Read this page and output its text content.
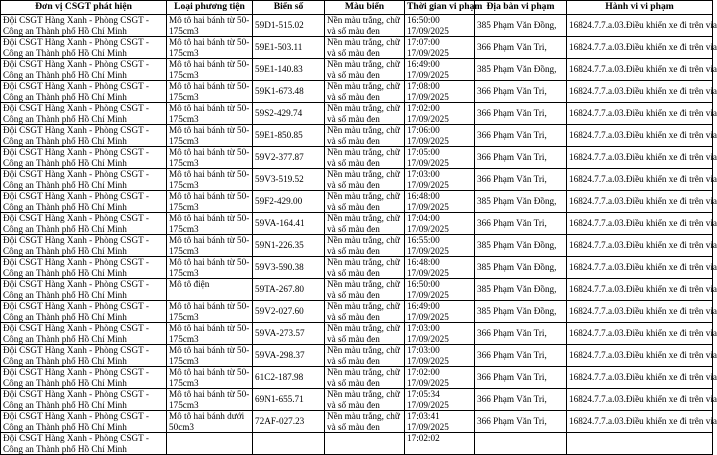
Đơn vị CSGT phát hiện	Loại phương tiện	Biển số	Màu biển	Thời gian vi phạm	Địa bàn vi phạm	Hành vi vi phạm
Đội CSGT Hàng Xanh - Phòng CSGT - Công an Thành phố Hồ Chí Minh	Mô tô hai bánh từ 50-175cm3	59D1-515.02	Nền màu trắng, chữ và số màu đen	16:50:00 17/09/2025	385 Phạm Văn Đồng,	16824.7.7.a.03.Điều khiển xe đi trên vỉa
Đội CSGT Hàng Xanh - Phòng CSGT - Công an Thành phố Hồ Chí Minh	Mô tô hai bánh từ 50-175cm3	59E1-503.11	Nền màu trắng, chữ và số màu đen	17:07:00 17/09/2025	366 Phạm Văn Tri,	16824.7.7.a.03.Điều khiển xe đi trên vỉa
Đội CSGT Hàng Xanh - Phòng CSGT - Công an Thành phố Hồ Chí Minh	Mô tô hai bánh từ 50-175cm3	59E1-140.83	Nền màu trắng, chữ và số màu đen	16:49:00 17/09/2025	385 Phạm Văn Đồng,	16824.7.7.a.03.Điều khiển xe đi trên vỉa
Đội CSGT Hàng Xanh - Phòng CSGT - Công an Thành phố Hồ Chí Minh	Mô tô hai bánh từ 50-175cm3	59K1-673.48	Nền màu trắng, chữ và số màu đen	17:08:00 17/09/2025	366 Phạm Văn Tri,	16824.7.7.a.03.Điều khiển xe đi trên vỉa
Đội CSGT Hàng Xanh - Phòng CSGT - Công an Thành phố Hồ Chí Minh	Mô tô hai bánh từ 50-175cm3	59S2-429.74	Nền màu trắng, chữ và số màu đen	17:02:00 17/09/2025	366 Phạm Văn Tri,	16824.7.7.a.03.Điều khiển xe đi trên vỉa
Đội CSGT Hàng Xanh - Phòng CSGT - Công an Thành phố Hồ Chí Minh	Mô tô hai bánh từ 50-175cm3	59E1-850.85	Nền màu trắng, chữ và số màu đen	17:06:00 17/09/2025	366 Phạm Văn Tri,	16824.7.7.a.03.Điều khiển xe đi trên vỉa
Đội CSGT Hàng Xanh - Phòng CSGT - Công an Thành phố Hồ Chí Minh	Mô tô hai bánh từ 50-175cm3	59V2-377.87	Nền màu trắng, chữ và số màu đen	17:05:00 17/09/2025	366 Phạm Văn Tri,	16824.7.7.a.03.Điều khiển xe đi trên vỉa
Đội CSGT Hàng Xanh - Phòng CSGT - Công an Thành phố Hồ Chí Minh	Mô tô hai bánh từ 50-175cm3	59V3-519.52	Nền màu trắng, chữ và số màu đen	17:03:00 17/09/2025	366 Phạm Văn Tri,	16824.7.7.a.03.Điều khiển xe đi trên vỉa
Đội CSGT Hàng Xanh - Phòng CSGT - Công an Thành phố Hồ Chí Minh	Mô tô hai bánh từ 50-175cm3	59F2-429.00	Nền màu trắng, chữ và số màu đen	16:48:00 17/09/2025	385 Phạm Văn Đồng,	16824.7.7.a.03.Điều khiển xe đi trên vỉa
Đội CSGT Hàng Xanh - Phòng CSGT - Công an Thành phố Hồ Chí Minh	Mô tô hai bánh từ 50-175cm3	59VA-164.41	Nền màu trắng, chữ và số màu đen	17:04:00 17/09/2025	366 Phạm Văn Tri,	16824.7.7.a.03.Điều khiển xe đi trên vỉa
Đội CSGT Hàng Xanh - Phòng CSGT - Công an Thành phố Hồ Chí Minh	Mô tô hai bánh từ 50-175cm3	59N1-226.35	Nền màu trắng, chữ và số màu đen	16:55:00 17/09/2025	385 Phạm Văn Đồng,	16824.7.7.a.03.Điều khiển xe đi trên vỉa
Đội CSGT Hàng Xanh - Phòng CSGT - Công an Thành phố Hồ Chí Minh	Mô tô hai bánh từ 50-175cm3	59V3-590.38	Nền màu trắng, chữ và số màu đen	16:48:00 17/09/2025	385 Phạm Văn Đồng,	16824.7.7.a.03.Điều khiển xe đi trên vỉa
Đội CSGT Hàng Xanh - Phòng CSGT - Công an Thành phố Hồ Chí Minh	Mô tô điện	59TA-267.80	Nền màu trắng, chữ và số màu đen	16:50:00 17/09/2025	385 Phạm Văn Đồng,	16824.7.7.a.03.Điều khiển xe đi trên vỉa
Đội CSGT Hàng Xanh - Phòng CSGT - Công an Thành phố Hồ Chí Minh	Mô tô hai bánh từ 50-175cm3	59V2-027.60	Nền màu trắng, chữ và số màu đen	16:49:00 17/09/2025	385 Phạm Văn Đồng,	16824.7.7.a.03.Điều khiển xe đi trên vỉa
Đội CSGT Hàng Xanh - Phòng CSGT - Công an Thành phố Hồ Chí Minh	Mô tô hai bánh từ 50-175cm3	59VA-273.57	Nền màu trắng, chữ và số màu đen	17:03:00 17/09/2025	366 Phạm Văn Tri,	16824.7.7.a.03.Điều khiển xe đi trên vỉa
Đội CSGT Hàng Xanh - Phòng CSGT - Công an Thành phố Hồ Chí Minh	Mô tô hai bánh từ 50-175cm3	59VA-298.37	Nền màu trắng, chữ và số màu đen	17:03:00 17/09/2025	366 Phạm Văn Tri,	16824.7.7.a.03.Điều khiển xe đi trên vỉa
Đội CSGT Hàng Xanh - Phòng CSGT - Công an Thành phố Hồ Chí Minh	Mô tô hai bánh từ 50-175cm3	61C2-187.98	Nền màu trắng, chữ và số màu đen	17:02:00 17/09/2025	366 Phạm Văn Tri,	16824.7.7.a.03.Điều khiển xe đi trên vỉa
Đội CSGT Hàng Xanh - Phòng CSGT - Công an Thành phố Hồ Chí Minh	Mô tô hai bánh từ 50-175cm3	69N1-655.71	Nền màu trắng, chữ và số màu đen	17:05:34 17/09/2025	366 Phạm Văn Tri,	16824.7.7.a.03.Điều khiển xe đi trên vỉa
Đội CSGT Hàng Xanh - Phòng CSGT - Công an Thành phố Hồ Chí Minh	Mô tô hai bánh dưới 50cm3	72AF-027.23	Nền màu trắng, chữ và số màu đen	17:03:41 17/09/2025	366 Phạm Văn Tri,	16824.7.7.a.03.Điều khiển xe đi trên vỉa
Đội CSGT Hàng Xanh - Phòng CSGT - Công an Thành phố Hồ Chí Minh				17:02:02		
